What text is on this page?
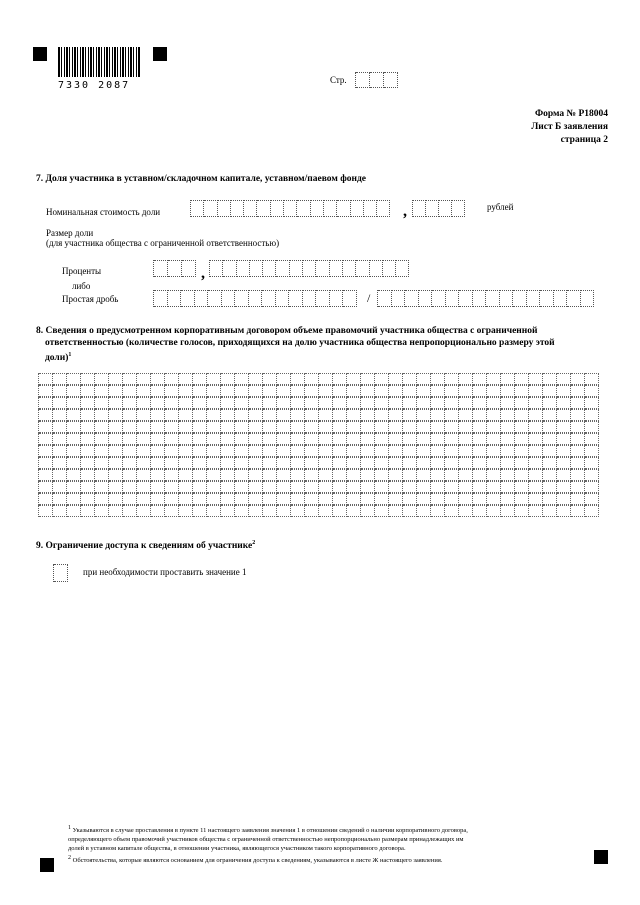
7330 2087	Стр.
Форма № Р18004
Лист Б заявления
страница 2
7. Доля участника в уставном/складочном капитале, уставном/паевом фонде
Номинальная стоимость доли	,	рублей
Размер доли
(для участника общества с ограниченной ответственностью)
Проценты	,
либо
Простая дробь	/
8. Сведения о предусмотренном корпоративным договором объеме правомочий участника общества с ограниченной
ответственностью (количестве голосов, приходящихся на долю участника общества непропорционально размеру этой
доли)$^1$
9. Ограничение доступа к сведениям об участнике$^2$
при необходимости проставить значение 1
$^1$ Указываются в случае проставления в пункте 11 настоящего заявления значения 1 в отношении сведений о наличии корпоративного договора,
определяющего объем правомочий участников общества с ограниченной ответственностью непропорционально размерам принадлежащих им
долей в уставном капитале общества, в отношении участника, являющегося участником такого корпоративного договора.
$^2$ Обстоятельства, которые являются основанием для ограничения доступа к сведениям, указываются в листе Ж настоящего заявления.
